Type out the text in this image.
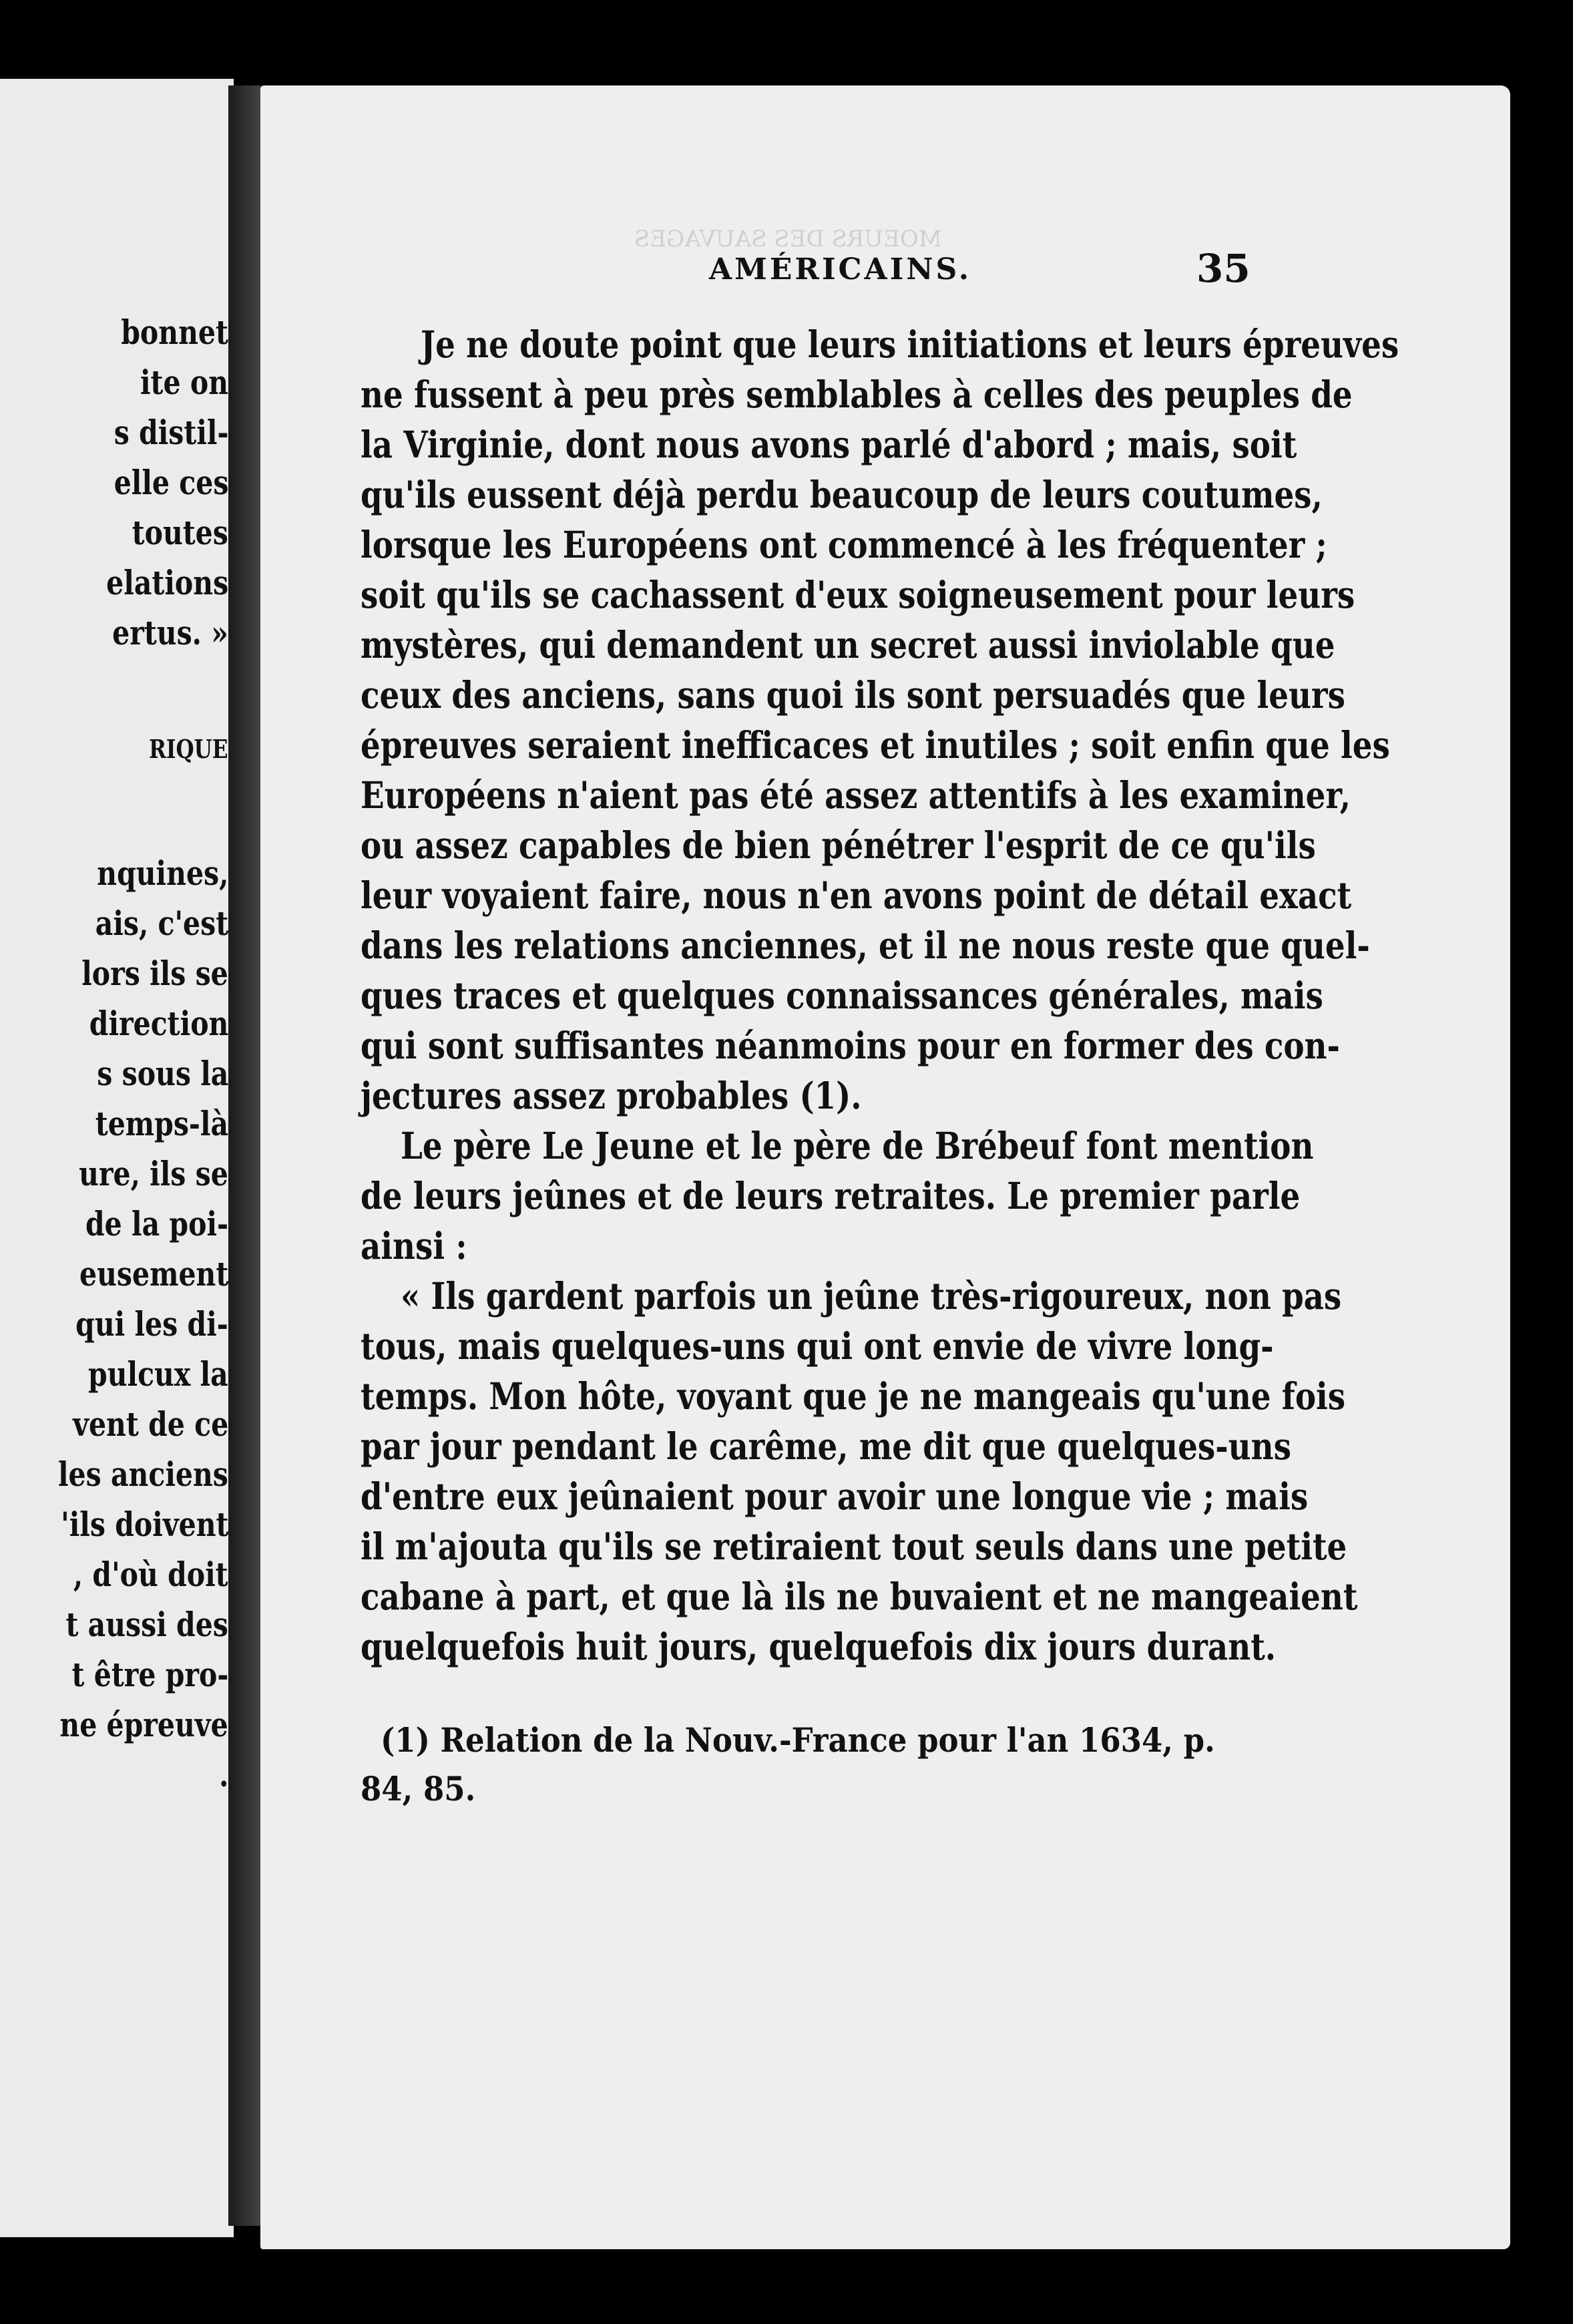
bonnet
ite on
s distil-
elle ces
toutes
elations
ertus. »
RIQUE
nquines,
ais, c'est
lors ils se
direction
s sous la
temps-là
ure, ils se
de la poi-
eusement
qui les di-
pulcux la
vent de ce
les anciens
'ils doivent
, d'où doit
t aussi des
t être pro-
ne épreuve
.
MOEURS DES SAUVAGES
AMÉRICAINS.	35
Je ne doute point que leurs initiations et leurs épreuves
ne fussent à peu près semblables à celles des peuples de
la Virginie, dont nous avons parlé d'abord ; mais, soit
qu'ils eussent déjà perdu beaucoup de leurs coutumes,
lorsque les Européens ont commencé à les fréquenter ;
soit qu'ils se cachassent d'eux soigneusement pour leurs
mystères, qui demandent un secret aussi inviolable que
ceux des anciens, sans quoi ils sont persuadés que leurs
épreuves seraient inefficaces et inutiles ; soit enfin que les
Européens n'aient pas été assez attentifs à les examiner,
ou assez capables de bien pénétrer l'esprit de ce qu'ils
leur voyaient faire, nous n'en avons point de détail exact
dans les relations anciennes, et il ne nous reste que quel-
ques traces et quelques connaissances générales, mais
qui sont suffisantes néanmoins pour en former des con-
jectures assez probables (1).
Le père Le Jeune et le père de Brébeuf font mention
de leurs jeûnes et de leurs retraites. Le premier parle
ainsi :
« Ils gardent parfois un jeûne très-rigoureux, non pas
tous, mais quelques-uns qui ont envie de vivre long-
temps. Mon hôte, voyant que je ne mangeais qu'une fois
par jour pendant le carême, me dit que quelques-uns
d'entre eux jeûnaient pour avoir une longue vie ; mais
il m'ajouta qu'ils se retiraient tout seuls dans une petite
cabane à part, et que là ils ne buvaient et ne mangeaient
quelquefois huit jours, quelquefois dix jours durant.
(1) Relation de la Nouv.-France pour l'an 1634, p.
84, 85.
